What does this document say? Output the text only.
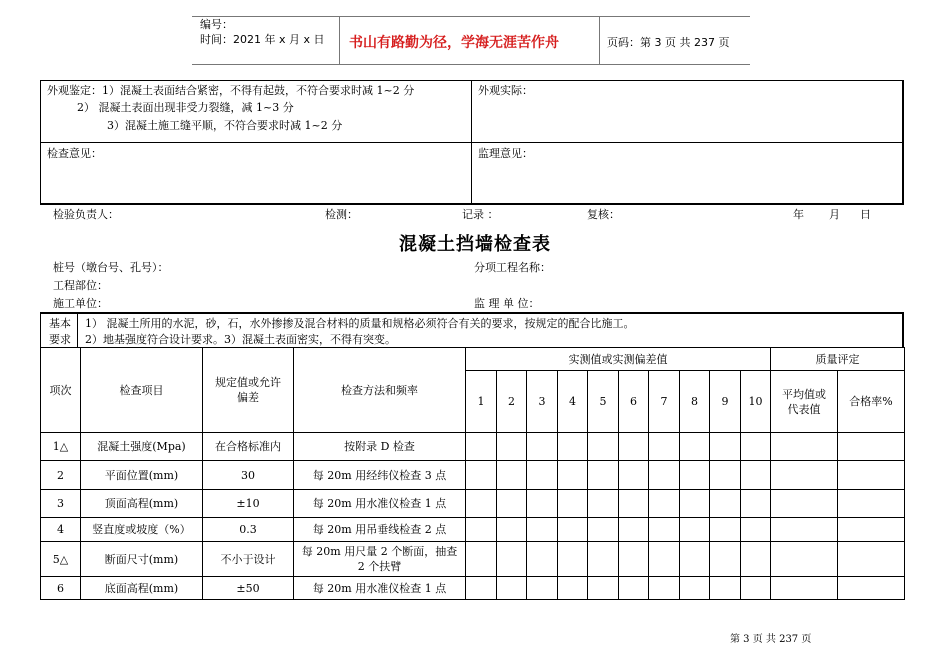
编号：
时间：2021 年 x 月 x 日 书山有路勤为径，学海无涯苦作舟	页码：第 3 页 共 237 页
外观鉴定：1）混凝土表面结合紧密，不得有起鼓，不符合要求时减 1~2 分
2） 混凝土表面出现非受力裂缝，减 1~3 分
3）混凝土施工缝平顺，不符合要求时减 1~2 分
外观实际：
检查意见：	监理意见：
检验负责人：	检测：	记录 ：	复核：	年 月 日
混凝土挡墙检查表
桩号（墩台号、孔号）：	分项工程名称：
工程部位：
施工单位：	监 理 单 位：
基本
要求
1） 混凝土所用的水泥，砂，石，水外掺掺及混合材料的质量和规格必须符合有关的要求，按规定的配合比施工。
2）地基强度符合设计要求。3）混凝土表面密实，不得有突变。
项次	检查项目	规定值或允许偏差	检查方法和频率	实测值或实测偏差值										质量评定	
				1	2	3	4	5	6	7	8	9	10	平均值或代表值	合格率%
1△	混凝土强度(Mpa)	在合格标准内	按附录 D 检查												
2	平面位置(mm)	30	每 20m 用经纬仪检查 3 点												
3	顶面高程(mm)	±10	每 20m 用水准仪检查 1 点												
4	竖直度或坡度（%）	0.3	每 20m 用吊垂线检查 2 点												
5△	断面尺寸(mm)	不小于设计	每 20m 用尺量 2 个断面，抽查 2 个扶臂												
6	底面高程(mm)	±50	每 20m 用水准仪检查 1 点												
第 3 页 共 237 页
